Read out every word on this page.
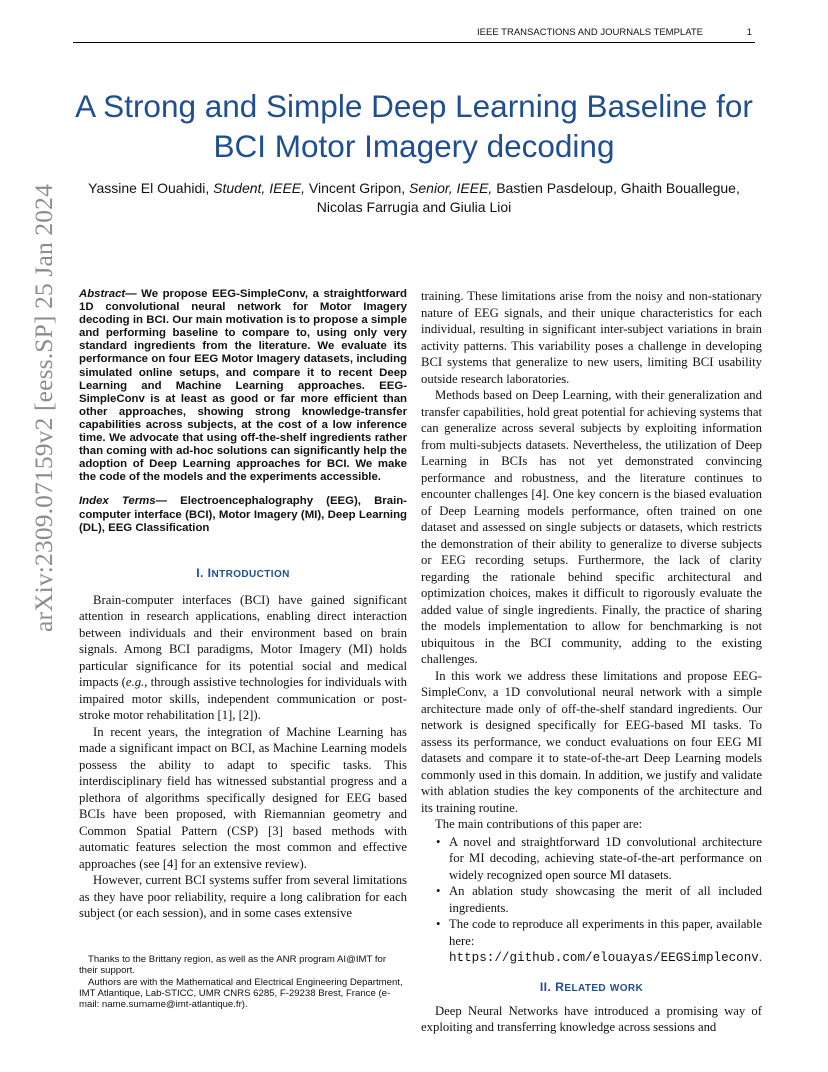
IEEE TRANSACTIONS AND JOURNALS TEMPLATE	1
A Strong and Simple Deep Learning Baseline for
BCI Motor Imagery decoding
Yassine El Ouahidi, Student, IEEE, Vincent Gripon, Senior, IEEE, Bastien Pasdeloup, Ghaith Bouallegue,
Nicolas Farrugia and Giulia Lioi
arXiv:2309.07159v2 [eess.SP] 25 Jan 2024 Abstract— We propose EEG-SimpleConv, a straightforward 1D convolutional neural network for Motor Imagery decoding in BCI. Our main motivation is to propose a simple and performing baseline to compare to, using only very standard ingredients from the literature. We evaluate its performance on four EEG Motor Imagery datasets, including simulated online setups, and compare it to recent Deep Learning and Machine Learning approaches. EEG-SimpleConv is at least as good or far more efficient than other approaches, showing strong knowledge-transfer capabilities across subjects, at the cost of a low inference time. We advocate that using off-the-shelf ingredients rather than coming with ad-hoc solutions can significantly help the adoption of Deep Learning approaches for BCI. We make the code of the models and the experiments accessible.

Index Terms— Electroencephalography (EEG), Brain-computer interface (BCI), Motor Imagery (MI), Deep Learning (DL), EEG Classification

I. INTRODUCTION

Brain-computer interfaces (BCI) have gained significant attention in research applications, enabling direct interaction between individuals and their environment based on brain signals. Among BCI paradigms, Motor Imagery (MI) holds particular significance for its potential social and medical impacts (e.g., through assistive technologies for individuals with impaired motor skills, independent communication or post-stroke motor rehabilitation [1], [2]).

In recent years, the integration of Machine Learning has made a significant impact on BCI, as Machine Learning models possess the ability to adapt to specific tasks. This interdisciplinary field has witnessed substantial progress and a plethora of algorithms specifically designed for EEG based BCIs have been proposed, with Riemannian geometry and Common Spatial Pattern (CSP) [3] based methods with automatic features selection the most common and effective approaches (see [4] for an extensive review).

However, current BCI systems suffer from several limitations as they have poor reliability, require a long calibration for each subject (or each session), and in some cases extensive

Thanks to the Brittany region, as well as the ANR program AI@IMT for their support.

Authors are with the Mathematical and Electrical Engineering Department, IMT Atlantique, Lab-STICC, UMR CNRS 6285, F-29238 Brest, France (e-mail: name.surname@imt-atlantique.fr).

training. These limitations arise from the noisy and non-stationary nature of EEG signals, and their unique characteristics for each individual, resulting in significant inter-subject variations in brain activity patterns. This variability poses a challenge in developing BCI systems that generalize to new users, limiting BCI usability outside research laboratories.

Methods based on Deep Learning, with their generalization and transfer capabilities, hold great potential for achieving systems that can generalize across several subjects by exploiting information from multi-subjects datasets. Nevertheless, the utilization of Deep Learning in BCIs has not yet demonstrated convincing performance and robustness, and the literature continues to encounter challenges [4]. One key concern is the biased evaluation of Deep Learning models performance, often trained on one dataset and assessed on single subjects or datasets, which restricts the demonstration of their ability to generalize to diverse subjects or EEG recording setups. Furthermore, the lack of clarity regarding the rationale behind specific architectural and optimization choices, makes it difficult to rigorously evaluate the added value of single ingredients. Finally, the practice of sharing the models implementation to allow for benchmarking is not ubiquitous in the BCI community, adding to the existing challenges.

In this work we address these limitations and propose EEG-SimpleConv, a 1D convolutional neural network with a simple architecture made only of off-the-shelf standard ingredients. Our network is designed specifically for EEG-based MI tasks. To assess its performance, we conduct evaluations on four EEG MI datasets and compare it to state-of-the-art Deep Learning models commonly used in this domain. In addition, we justify and validate with ablation studies the key components of the architecture and its training routine.

The main contributions of this paper are:

• A novel and straightforward 1D convolutional architecture for MI decoding, achieving state-of-the-art performance on widely recognized open source MI datasets.
• An ablation study showcasing the merit of all included ingredients.
• The code to reproduce all experiments in this paper, available here: https://github.com/elouayas/EEGSimpleconv.
II. RELATED WORK

Deep Neural Networks have introduced a promising way of exploiting and transferring knowledge across sessions and
